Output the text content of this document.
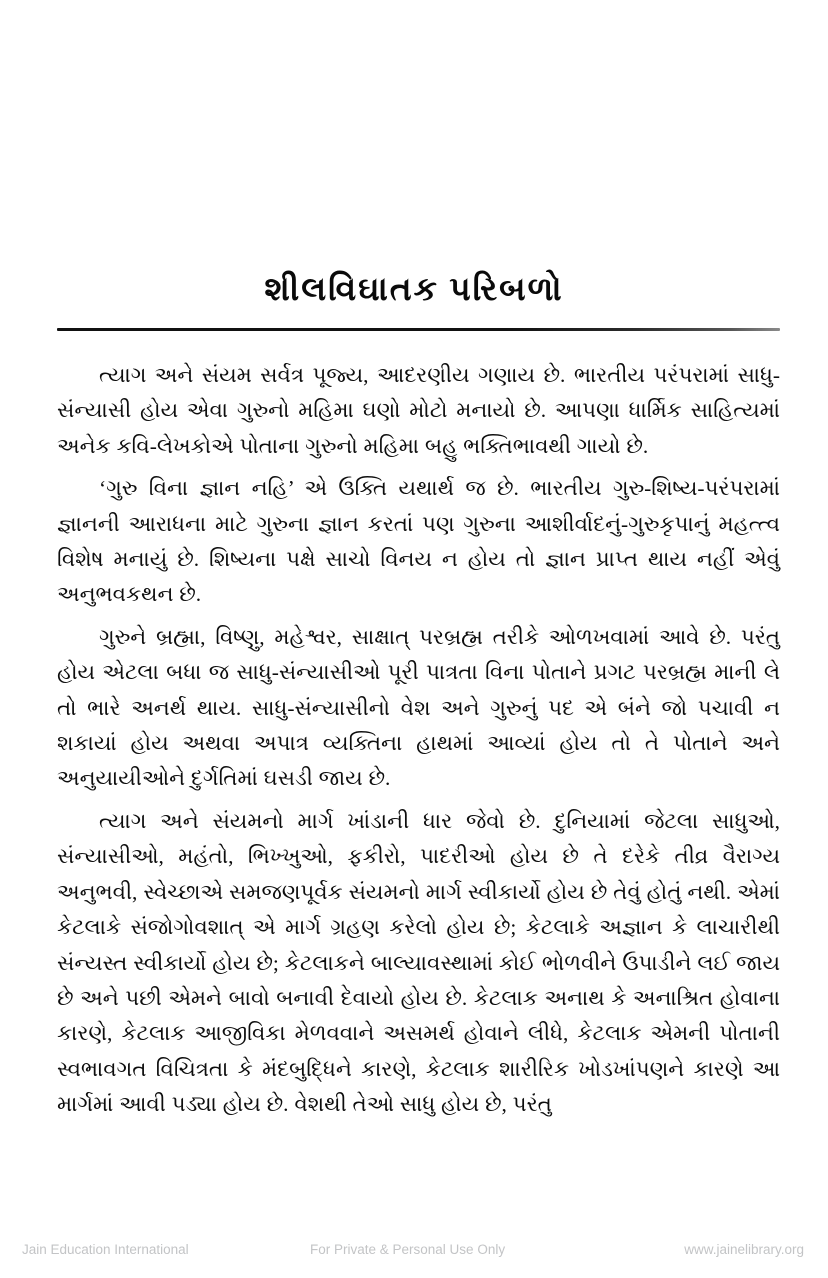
શીલવિઘાતક પરિબળો

ત્યાગ અને સંયમ સર્વત્ર પૂજ્ય, આદરણીય ગણાય છે. ભારતીય પરંપરામાં સાધુ-સંન્યાસી હોય એવા ગુરુનો મહિમા ઘણો મોટો મનાયો છે. આપણા ધાર્મિક સાહિત્યમાં અનેક કવિ-લેખકોએ પોતાના ગુરુનો મહિમા બહુ ભક્તિભાવથી ગાયો છે.

‘ગુરુ વિના જ્ઞાન નહિ’ એ ઉક્તિ યથાર્થ જ છે. ભારતીય ગુરુ-શિષ્ય-પરંપરામાં જ્ઞાનની આરાધના માટે ગુરુના જ્ઞાન કરતાં પણ ગુરુના આશીર્વાદનું-ગુરુકૃપાનું મહત્ત્વ વિશેષ મનાયું છે. શિષ્યના પક્ષે સાચો વિનય ન હોય તો જ્ઞાન પ્રાપ્ત થાય નહીં એવું અનુભવકથન છે.

ગુરુને બ્રહ્મા, વિષ્ણુ, મહેશ્વર, સાક્ષાત્ પરબ્રહ્મ તરીકે ઓળખવામાં આવે છે. પરંતુ હોય એટલા બધા જ સાધુ-સંન્યાસીઓ પૂરી પાત્રતા વિના પોતાને પ્રગટ પરબ્રહ્મ માની લે તો ભારે અનર્થ થાય. સાધુ-સંન્યાસીનો વેશ અને ગુરુનું પદ એ બંને જો પચાવી ન શકાયાં હોય અથવા અપાત્ર વ્યક્તિના હાથમાં આવ્યાં હોય તો તે પોતાને અને અનુયાયીઓને દુર્ગતિમાં ઘસડી જાય છે.

ત્યાગ અને સંયમનો માર્ગ ખાંડાની ધાર જેવો છે. દુનિયામાં જેટલા સાધુઓ, સંન્યાસીઓ, મહંતો, ભિખ્ખુઓ, ફકીરો, પાદરીઓ હોય છે તે દરેકે તીવ્ર વૈરાગ્ય અનુભવી, સ્વેચ્છાએ સમજણપૂર્વક સંયમનો માર્ગ સ્વીકાર્યો હોય છે તેવું હોતું નથી. એમાં કેટલાકે સંજોગોવશાત્ એ માર્ગ ગ્રહણ કરેલો હોય છે; કેટલાકે અજ્ઞાન કે લાચારીથી સંન્યસ્ત સ્વીકાર્યો હોય છે; કેટલાકને બાલ્યાવસ્થામાં કોઈ ભોળવીને ઉપાડીને લઈ જાય છે અને પછી એમને બાવો બનાવી દેવાયો હોય છે. કેટલાક અનાથ કે અનાશ્રિત હોવાના કારણે, કેટલાક આજીવિકા મેળવવાને અસમર્થ હોવાને લીધે, કેટલાક એમની પોતાની સ્વભાવગત વિચિત્રતા કે મંદબુદ્ધિને કારણે, કેટલાક શારીરિક ખોડખાંપણને કારણે આ માર્ગમાં આવી પડ્યા હોય છે. વેશથી તેઓ સાધુ હોય છે, પરંતુ

Jain Education International	For Private & Personal Use Only	www.jainelibrary.org
